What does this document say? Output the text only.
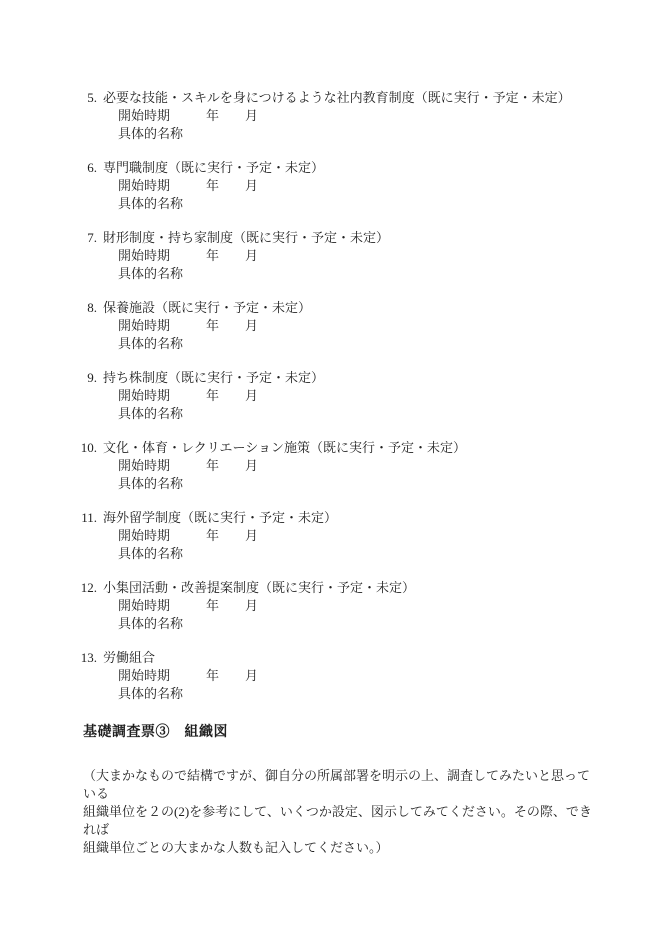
5. 必要な技能・スキルを身につけるような社内教育制度（既に実行・予定・未定）
開始時期	年 月
具体的名称
6. 専門職制度（既に実行・予定・未定）
開始時期	年 月
具体的名称
7. 財形制度・持ち家制度（既に実行・予定・未定）
開始時期	年 月
具体的名称
8. 保養施設（既に実行・予定・未定）
開始時期	年 月
具体的名称
9. 持ち株制度（既に実行・予定・未定）
開始時期	年 月
具体的名称
10. 文化・体育・レクリエーション施策（既に実行・予定・未定）
開始時期	年 月
具体的名称
11. 海外留学制度（既に実行・予定・未定）
開始時期	年 月
具体的名称
12. 小集団活動・改善提案制度（既に実行・予定・未定）
開始時期	年 月
具体的名称
13. 労働組合
開始時期	年 月
具体的名称
基礎調査票③　組織図
（大まかなもので結構ですが、御自分の所属部署を明示の上、調査してみたいと思っている
組織単位を２の(2)を参考にして、いくつか設定、図示してみてください。その際、できれば
組織単位ごとの大まかな人数も記入してください。）
